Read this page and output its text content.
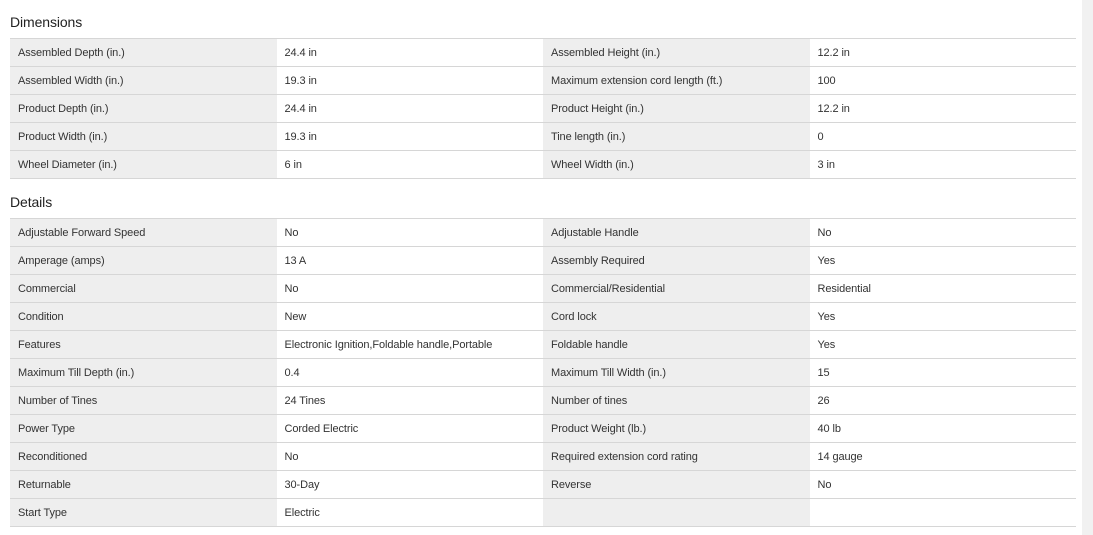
Dimensions
Assembled Depth (in.)	24.4 in	Assembled Height (in.)	12.2 in
Assembled Width (in.)	19.3 in	Maximum extension cord length (ft.)	100
Product Depth (in.)	24.4 in	Product Height (in.)	12.2 in
Product Width (in.)	19.3 in	Tine length (in.)	0
Wheel Diameter (in.)	6 in	Wheel Width (in.)	3 in
Details
Adjustable Forward Speed	No	Adjustable Handle	No
Amperage (amps)	13 A	Assembly Required	Yes
Commercial	No	Commercial/Residential	Residential
Condition	New	Cord lock	Yes
Features	Electronic Ignition,Foldable handle,Portable	Foldable handle	Yes
Maximum Till Depth (in.)	0.4	Maximum Till Width (in.)	15
Number of Tines	24 Tines	Number of tines	26
Power Type	Corded Electric	Product Weight (lb.)	40 lb
Reconditioned	No	Required extension cord rating	14 gauge
Returnable	30-Day	Reverse	No
Start Type	Electric		
